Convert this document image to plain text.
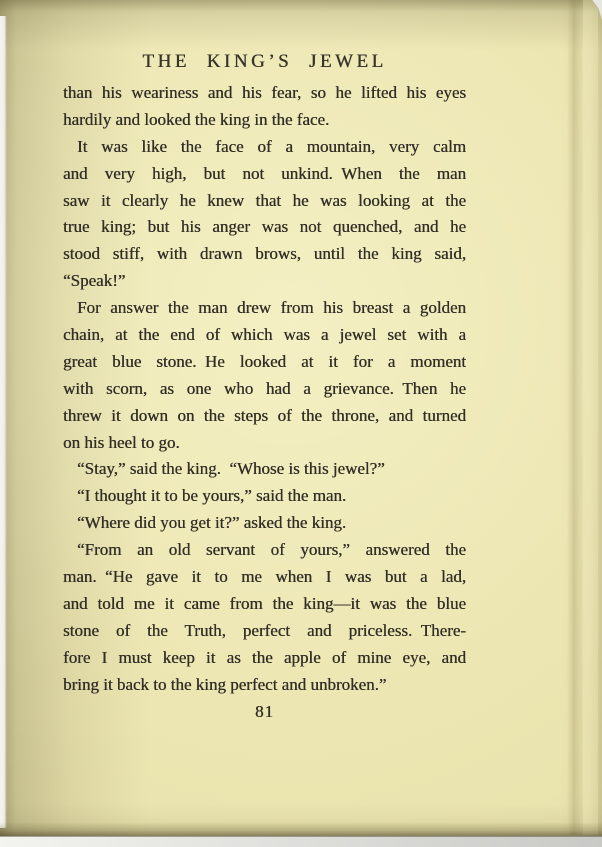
THE KING’S JEWEL
than his weariness and his fear, so he lifted his eyes
hardily and looked the king in the face.
It was like the face of a mountain, very calm
and very high, but not unkind. When the man
saw it clearly he knew that he was looking at the
true king; but his anger was not quenched, and he
stood stiff, with drawn brows, until the king said,
“Speak!”
For answer the man drew from his breast a golden
chain, at the end of which was a jewel set with a
great blue stone. He looked at it for a moment
with scorn, as one who had a grievance. Then he
threw it down on the steps of the throne, and turned
on his heel to go.
“Stay,” said the king. “Whose is this jewel?”
“I thought it to be yours,” said the man.
“Where did you get it?” asked the king.
“From an old servant of yours,” answered the
man. “He gave it to me when I was but a lad,
and told me it came from the king—it was the blue
stone of the Truth, perfect and priceless. There-
fore I must keep it as the apple of mine eye, and
bring it back to the king perfect and unbroken.”
81
